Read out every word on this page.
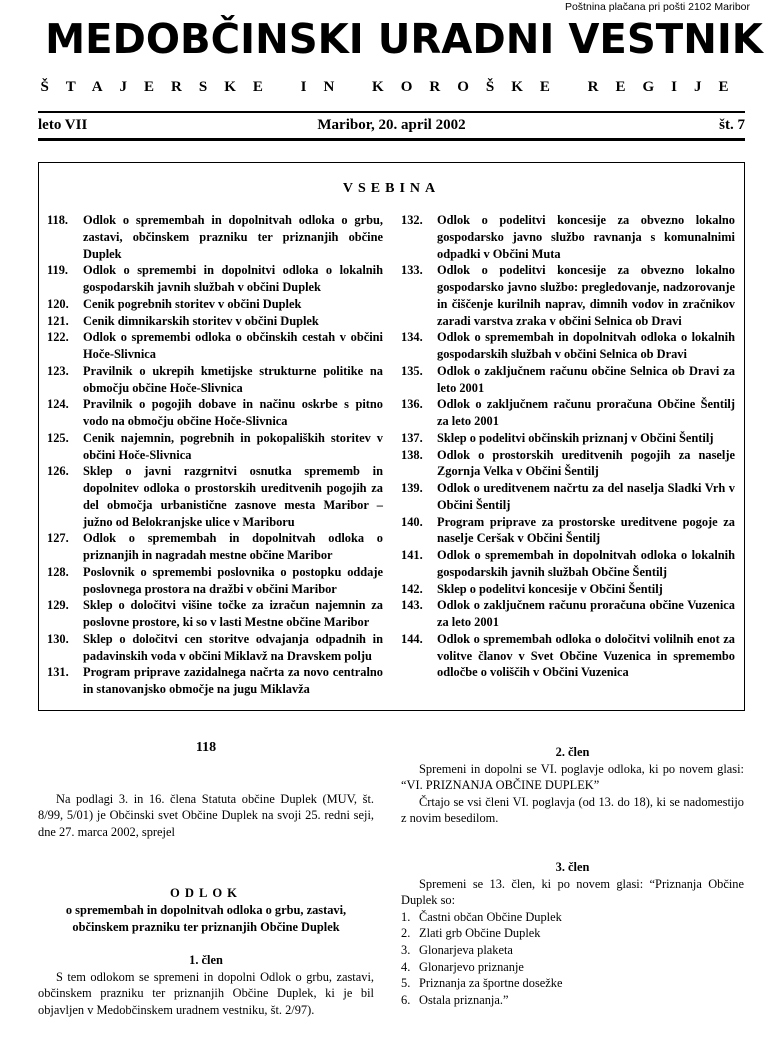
Poštnina plačana pri pošti 2102 Maribor
MEDOBČINSKI URADNI VESTNIK
ŠTAJERSKE IN KOROŠKE REGIJE
leto VII	Maribor, 20. april 2002	št. 7
VSEBINA
118.	Odlok o spremembah in dopolnitvah odloka o grbu, zastavi, občinskem prazniku ter priznanjih občine Duplek
119.	Odlok o spremembi in dopolnitvi odloka o lokalnih gospodarskih javnih službah v občini Duplek
120.	Cenik pogrebnih storitev v občini Duplek
121.	Cenik dimnikarskih storitev v občini Duplek
122.	Odlok o spremembi odloka o občinskih cestah v občini Hoče-Slivnica
123.	Pravilnik o ukrepih kmetijske strukturne politike na območju občine Hoče-Slivnica
124.	Pravilnik o pogojih dobave in načinu oskrbe s pitno vodo na območju občine Hoče-Slivnica
125.	Cenik najemnin, pogrebnih in pokopaliških storitev v občini Hoče-Slivnica
126.	Sklep o javni razgrnitvi osnutka sprememb in dopolnitev odloka o prostorskih ureditvenih pogojih za del območja urbanistične zasnove mesta Maribor – južno od Belokranjske ulice v Mariboru
127.	Odlok o spremembah in dopolnitvah odloka o priznanjih in nagradah mestne občine Maribor
128.	Poslovnik o spremembi poslovnika o postopku oddaje poslovnega prostora na dražbi v občini Maribor
129.	Sklep o določitvi višine točke za izračun najemnin za poslovne prostore, ki so v lasti Mestne občine Maribor
130.	Sklep o določitvi cen storitve odvajanja odpadnih in padavinskih voda v občini Miklavž na Dravskem polju
131.	Program priprave zazidalnega načrta za novo centralno in stanovanjsko območje na jugu Miklavža
132.	Odlok o podelitvi koncesije za obvezno lokalno gospodarsko javno službo ravnanja s komunalnimi odpadki v Občini Muta
133.	Odlok o podelitvi koncesije za obvezno lokalno gospodarsko javno službo: pregledovanje, nadzorovanje in čiščenje kurilnih naprav, dimnih vodov in zračnikov zaradi varstva zraka v občini Selnica ob Dravi
134.	Odlok o spremembah in dopolnitvah odloka o lokalnih gospodarskih službah v občini Selnica ob Dravi
135.	Odlok o zaključnem računu občine Selnica ob Dravi za leto 2001
136.	Odlok o zaključnem računu proračuna Občine Šentilj za leto 2001
137.	Sklep o podelitvi občinskih priznanj v Občini Šentilj
138.	Odlok o prostorskih ureditvenih pogojih za naselje Zgornja Velka v Občini Šentilj
139.	Odlok o ureditvenem načrtu za del naselja Sladki Vrh v Občini Šentilj
140.	Program priprave za prostorske ureditvene pogoje za naselje Ceršak v Občini Šentilj
141.	Odlok o spremembah in dopolnitvah odloka o lokalnih gospodarskih javnih službah Občine Šentilj
142.	Sklep o podelitvi koncesije v Občini Šentilj
143.	Odlok o zaključnem računu proračuna občine Vuzenica za leto 2001
144.	Odlok o spremembah odloka o določitvi volilnih enot za volitve članov v Svet Občine Vuzenica in spremembo odločbe o voliščih v Občini Vuzenica
118

Na podlagi 3. in 16. člena Statuta občine Duplek (MUV, št. 8/99, 5/01) je Občinski svet Občine Duplek na svoji 25. redni seji, dne 27. marca 2002, sprejel

ODLOK
o spremembah in dopolnitvah odloka o grbu, zastavi,
občinskem prazniku ter priznanjih Občine Duplek
1. člen

S tem odlokom se spremeni in dopolni Odlok o grbu, zastavi, občinskem prazniku ter priznanjih Občine Duplek, ki je bil objavljen v Medobčinskem uradnem vestniku, št. 2/97).

2. člen

Spremeni in dopolni se VI. poglavje odloka, ki po novem glasi: “VI. PRIZNANJA OBČINE DUPLEK”

Črtajo se vsi členi VI. poglavja (od 13. do 18), ki se nadomestijo z novim besedilom.

3. člen

Spremeni se 13. člen, ki po novem glasi: “Priznanja Občine Duplek so:

1. Častni občan Občine Duplek
2. Zlati grb Občine Duplek
3. Glonarjeva plaketa
4. Glonarjevo priznanje
5. Priznanja za športne dosežke
6. Ostala priznanja.”
